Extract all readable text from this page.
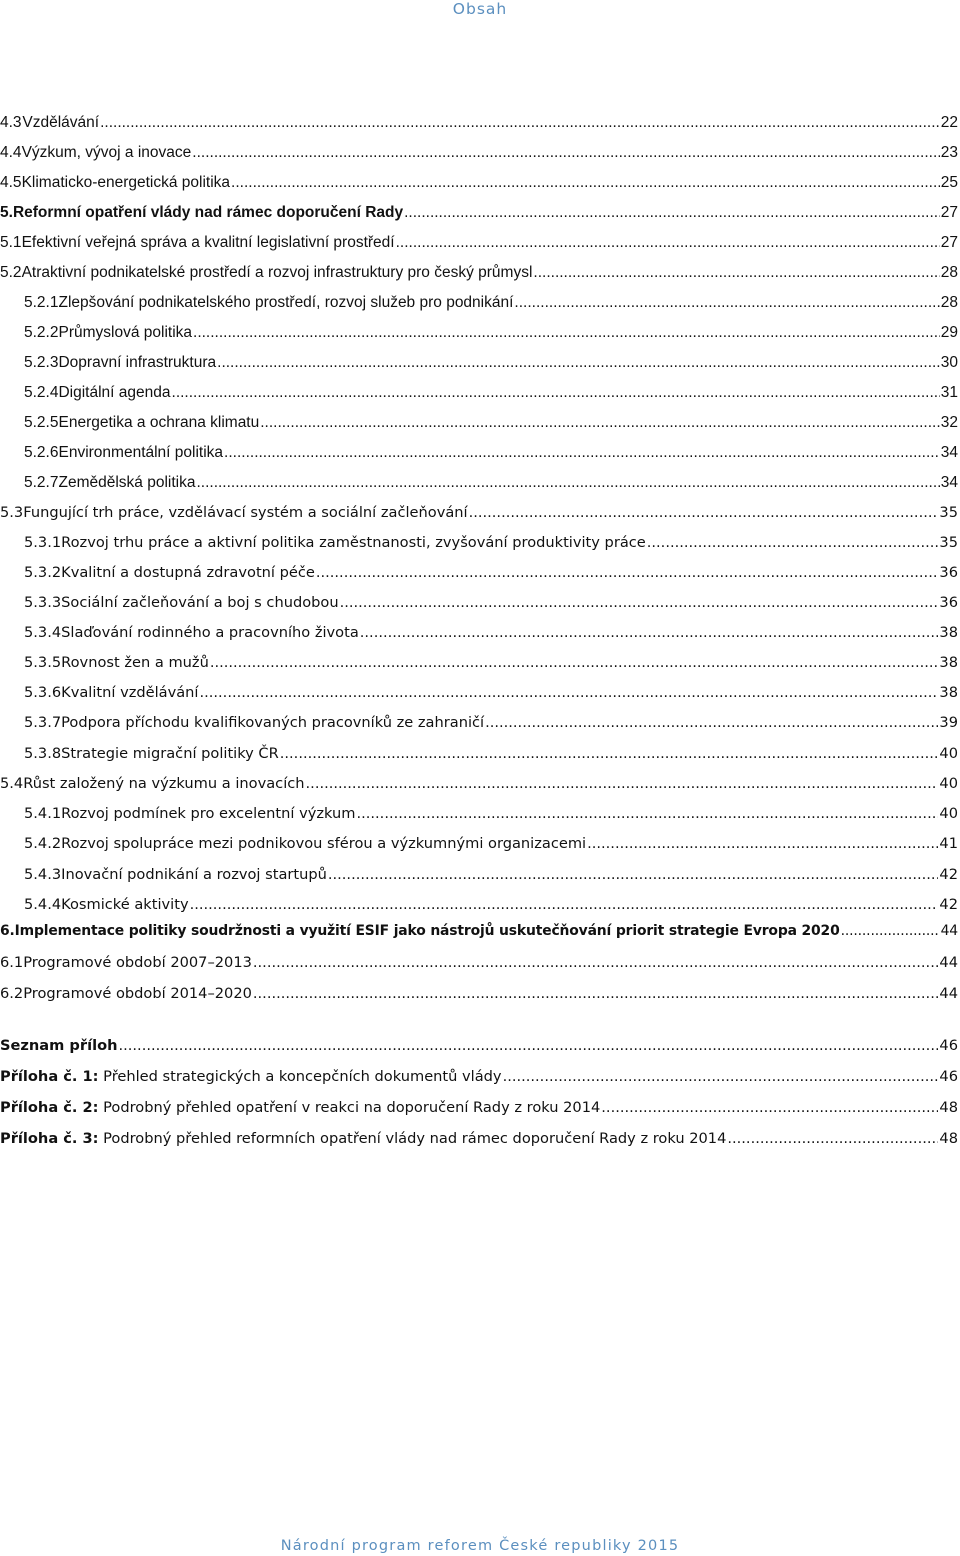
Obsah
4.3 Vzdělávání .....	22
4.4 Výzkum, vývoj a inovace .....	23
4.5 Klimaticko-energetická politika .....	25
5. Reformní opatření vlády nad rámec doporučení Rady .....	27
5.1 Efektivní veřejná správa a kvalitní legislativní prostředí .....	27
5.2 Atraktivní podnikatelské prostředí a rozvoj infrastruktury pro český průmysl .....	28
5.2.1 Zlepšování podnikatelského prostředí, rozvoj služeb pro podnikání .....	28
5.2.2 Průmyslová politika .....	29
5.2.3 Dopravní infrastruktura .....	30
5.2.4 Digitální agenda .....	31
5.2.5 Energetika a ochrana klimatu .....	32
5.2.6 Environmentální politika .....	34
5.2.7 Zemědělská politika .....	34
5.3 Fungující trh práce, vzdělávací systém a sociální začleňování .....	35
5.3.1 Rozvoj trhu práce a aktivní politika zaměstnanosti, zvyšování produktivity práce .....	35
5.3.2 Kvalitní a dostupná zdravotní péče .....	36
5.3.3 Sociální začleňování a boj s chudobou .....	36
5.3.4 Slaďování rodinného a pracovního života .....	38
5.3.5 Rovnost žen a mužů .....	38
5.3.6 Kvalitní vzdělávání .....	38
5.3.7 Podpora příchodu kvalifikovaných pracovníků ze zahraničí .....	39
5.3.8 Strategie migrační politiky ČR .....	40
5.4 Růst založený na výzkumu a inovacích .....	40
5.4.1 Rozvoj podmínek pro excelentní výzkum .....	40
5.4.2 Rozvoj spolupráce mezi podnikovou sférou a výzkumnými organizacemi .....	41
5.4.3 Inovační podnikání a rozvoj startupů .....	42
5.4.4 Kosmické aktivity .....	42
6. Implementace politiky soudržnosti a využití ESIF jako nástrojů uskutečňování priorit strategie Evropa 2020 .....	44
6.1 Programové období 2007–2013 .....	44
6.2 Programové období 2014–2020 .....	44
Seznam příloh .....	46
Příloha č. 1:
Přehled strategických a koncepčních dokumentů vlády .....	46
Příloha č. 2:
Podrobný přehled opatření v reakci na doporučení Rady z roku 2014 .....	48
Příloha č. 3:
Podrobný přehled reformních opatření vlády nad rámec doporučení Rady z roku 2014 .....	48
Národní program reforem České republiky 2015
